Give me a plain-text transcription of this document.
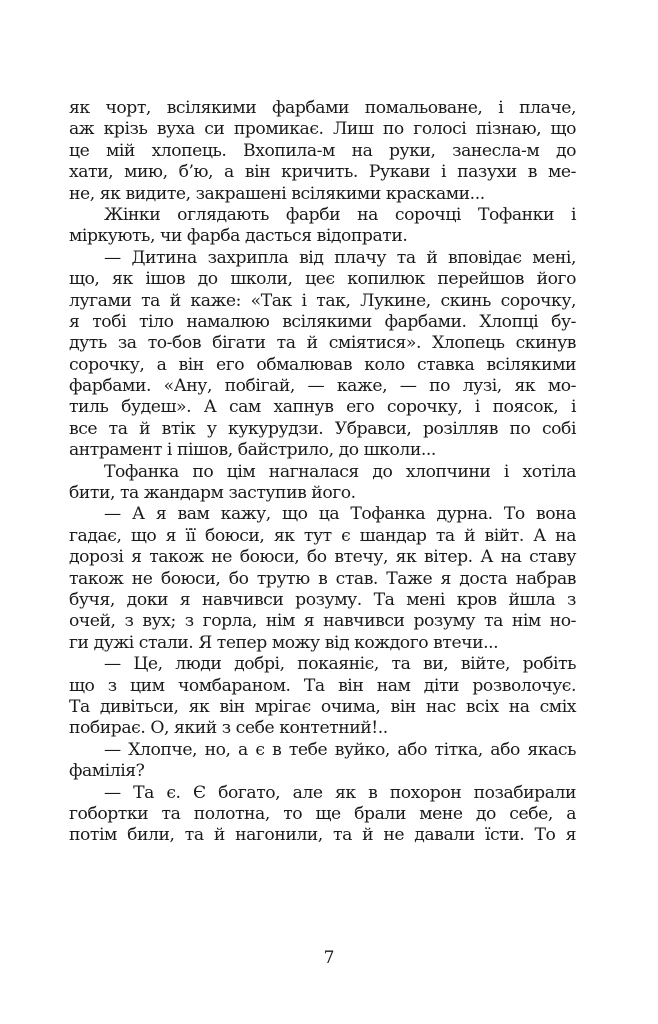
як чорт, всілякими фарбами помальоване, і плаче,
аж крізь вуха си промикає. Лиш по голосі пізнаю, що
це мій хлопець. Вхопила-м на руки, занесла-м до
хати, мию, б’ю, а він кричить. Рукави і пазухи в ме-
не, як видите, закрашені всілякими красками...
Жінки оглядають фарби на сорочці Тофанки і
міркують, чи фарба дасться відопрати.
— Дитина захрипла від плачу та й вповідає мені,
що, як ішов до школи, цеє копилюк перейшов його
лугами та й каже: «Так і так, Лукине, скинь сорочку,
я тобі тіло намалюю всілякими фарбами. Хлопці бу-
дуть за то-бов бігати та й сміятися». Хлопець скинув
сорочку, а він его обмалював коло ставка всілякими
фарбами. «Ану, побігай, — каже, — по лузі, як мо-
тиль будеш». А сам хапнув его сорочку, і поясок, і
все та й втік у кукурудзи. Убравси, розілляв по собі
антрамент і пішов, байстрило, до школи...
Тофанка по цім нагналася до хлопчини і хотіла
бити, та жандарм заступив його.
— А я вам кажу, що ца Тофанка дурна. То вона
гадає, що я її боюси, як тут є шандар та й війт. А на
дорозі я також не боюси, бо втечу, як вітер. А на ставу
також не боюси, бо трутю в став. Таже я доста набрав
бучя, доки я навчивси розуму. Та мені кров йшла з
очей, з вух; з горла, нім я навчивси розуму та нім но-
ги дужі стали. Я тепер можу від кождого втечи...
— Це, люди добрі, покаяніє, та ви, війте, робіть
що з цим чомбараном. Та він нам діти розволочує.
Та дивітьси, як він мрігає очима, він нас всіх на сміх
побирає. О, який з себе контетний!..
— Хлопче, но, а є в тебе вуйко, або тітка, або якась
фамілія?
— Та є. Є богато, але як в похорон позабирали
гобортки та полотна, то ще брали мене до себе, а
потім били, та й нагонили, та й не давали їсти. То я
7
